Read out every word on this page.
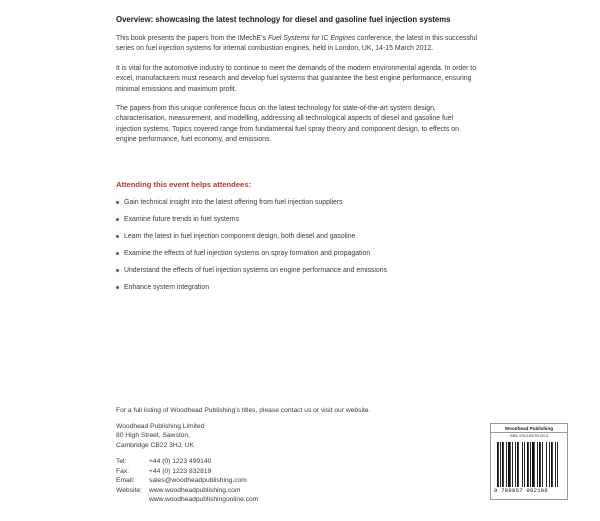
Overview: showcasing the latest technology for diesel and gasoline fuel injection systems

This book presents the papers from the IMechE’s Fuel Systems for IC Engines conference, the latest in this successful series on fuel injection systems for internal combustion engines, held in London, UK, 14-15 March 2012.

It is vital for the automotive industry to continue to meet the demands of the modern environmental agenda. In order to excel, manufacturers must research and develop fuel systems that guarantee the best engine performance, ensuring minimal emissions and maximum profit.

The papers from this unique conference focus on the latest technology for state-of-the-art system design, characterisation, measurement, and modelling, addressing all technological aspects of diesel and gasoline fuel injection systems. Topics covered range from fundamental fuel spray theory and component design, to effects on engine performance, fuel economy, and emissions.

Attending this event helps attendees:
Gain technical insight into the latest offering from fuel injection suppliers
Examine future trends in fuel systems
Learn the latest in fuel injection component design, both diesel and gasoline
Examine the effects of fuel injection systems on spray formation and propagation
Understand the effects of fuel injection systems on engine performance and emissions
Enhance system integration
For a full listing of Woodhead Publishing’s titles, please contact us or visit our website.
Woodhead Publishing Limited
80 High Street, Sawston,
Cambridge CB22 3HJ, UK
Tel:	+44 (0) 1223 499140
Fax:	+44 (0) 1223 832819
Email:	sales@woodheadpublishing.com
Website:	www.woodheadpublishing.com
www.woodheadpublishingonline.com
Woodhead Publishing
ISBN: 978-0-85709-210-6
9 780857 092106
